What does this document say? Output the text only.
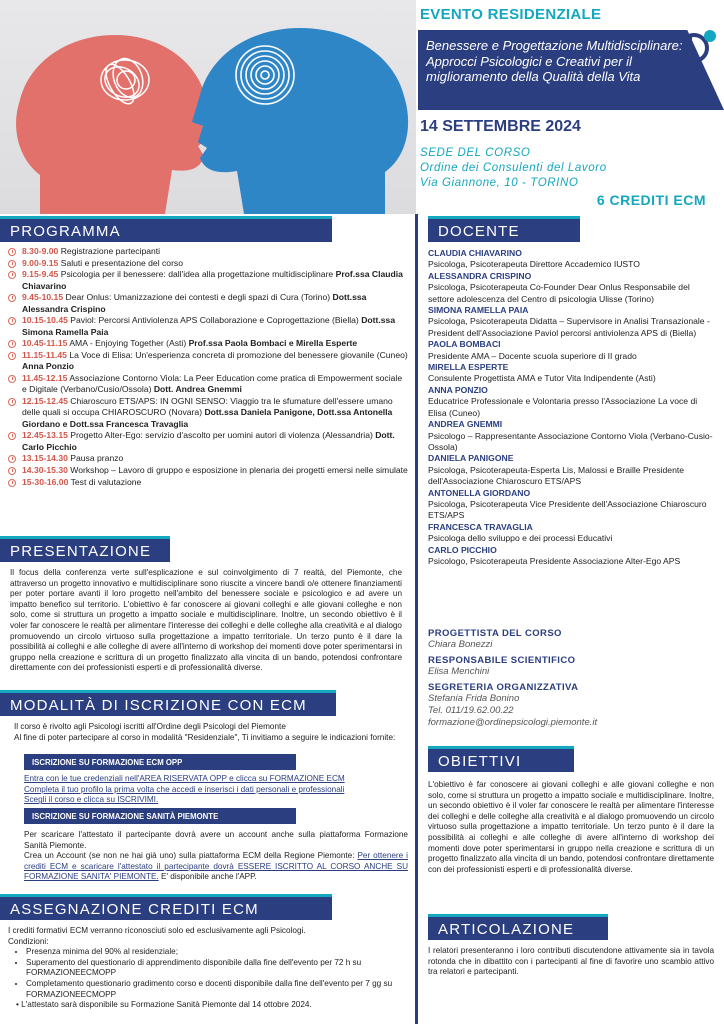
EVENTO RESIDENZIALE
Benessere e Progettazione Multidisciplinare: Approcci Psicologici e Creativi per il miglioramento della Qualità della Vita
14 SETTEMBRE 2024
SEDE DEL CORSO
Ordine dei Consulenti del Lavoro
Via Giannone, 10 - TORINO
6 CREDITI ECM
PROGRAMMA
8.30-9.00 Registrazione partecipanti
9.00-9.15 Saluti e presentazione del corso
9.15-9.45 Psicologia per il benessere: dall'idea alla progettazione multidisciplinare Prof.ssa Claudia Chiavarino
9.45-10.15 Dear Onlus: Umanizzazione dei contesti e degli spazi di Cura (Torino) Dott.ssa Alessandra Crispino
10.15-10.45 Paviol: Percorsi Antiviolenza APS Collaborazione e Coprogettazione (Biella) Dott.ssa Simona Ramella Paia
10.45-11.15 AMA - Enjoying Together (Asti) Prof.ssa Paola Bombaci e Mirella Esperte
11.15-11.45 La Voce di Elisa: Un'esperienza concreta di promozione del benessere giovanile (Cuneo) Anna Ponzio
11.45-12.15 Associazione Contorno Viola: La Peer Education come pratica di Empowerment sociale e Digitale (Verbano/Cusio/Ossola) Dott. Andrea Gnemmi
12.15-12.45 Chiaroscuro ETS/APS: IN OGNI SENSO: Viaggio tra le sfumature dell'essere umano delle quali si occupa CHIAROSCURO (Novara) Dott.ssa Daniela Panigone, Dott.ssa Antonella Giordano e Dott.ssa Francesca Travaglia
12.45-13.15 Progetto Alter-Ego: servizio d'ascolto per uomini autori di violenza (Alessandria) Dott. Carlo Picchio
13.15-14.30 Pausa pranzo
14.30-15.30 Workshop – Lavoro di gruppo e esposizione in plenaria dei progetti emersi nelle simulate
15-30-16.00 Test di valutazione
DOCENTE
CLAUDIA CHIAVARINO
Psicologa, Psicoterapeuta Direttore Accademico IUSTO
ALESSANDRA CRISPINO
Psicologa, Psicoterapeuta Co-Founder Dear Onlus Responsabile del settore adolescenza del Centro di psicologia Ulisse (Torino)
SIMONA RAMELLA PAIA
Psicologa, Psicoterapeuta Didatta – Supervisore in Analisi Transazionale - President dell'Associazione Paviol percorsi antiviolenza APS di (Biella)
PAOLA BOMBACI
Presidente AMA – Docente scuola superiore di II grado
MIRELLA ESPERTE
Consulente Progettista AMA e Tutor Vita Indipendente (Asti)
ANNA PONZIO
Educatrice Professionale e Volontaria presso l'Associazione La voce di Elisa (Cuneo)
ANDREA GNEMMI
Psicologo – Rappresentante Associazione Contorno Viola (Verbano-Cusio-Ossola)
DANIELA PANIGONE
Psicologa, Psicoterapeuta-Esperta Lis, Malossi e Braille Presidente dell'Associazione Chiaroscuro ETS/APS
ANTONELLA GIORDANO
Psicologa, Psicoterapeuta Vice Presidente dell'Associazione Chiaroscuro ETS/APS
FRANCESCA TRAVAGLIA
Psicologa dello sviluppo e dei processi Educativi
CARLO PICCHIO
Psicologo, Psicoterapeuta Presidente Associazione Alter-Ego APS
PROGETTISTA DEL CORSO
Chiara Bonezzi
RESPONSABILE SCIENTIFICO
Elisa Menchini
SEGRETERIA ORGANIZZATIVA
Stefania Frida Bonino
Tel. 011/19.62.00.22
formazione@ordinepsicologi.piemonte.it
PRESENTAZIONE
Il focus della conferenza verte sull'esplicazione e sul coinvolgimento di 7 realtà, del Piemonte, che attraverso un progetto innovativo e multidisciplinare sono riuscite a vincere bandi o/e ottenere finanziamenti per poter portare avanti il loro progetto nell'ambito del benessere sociale e psicologico e ad avere un impatto benefico sul territorio. L'obiettivo è far conoscere ai giovani colleghi e alle giovani colleghe e non solo, come si struttura un progetto a impatto sociale e multidisciplinare. Inoltre, un secondo obiettivo è il voler far conoscere le realtà per alimentare l'interesse dei colleghi e delle colleghe alla creatività e al dialogo promuovendo un circolo virtuoso sulla progettazione a impatto territoriale. Un terzo punto è il dare la possibilità ai colleghi e alle colleghe di avere all'interno di workshop dei momenti dove poter sperimentarsi in gruppo nella creazione e scrittura di un progetto finalizzato alla vincita di un bando, potendosi confrontare direttamente con dei professionisti esperti e di professionalità diverse.
MODALITÀ DI ISCRIZIONE CON ECM
Il corso è rivolto agli Psicologi iscritti all'Ordine degli Psicologi del Piemonte
Al fine di poter partecipare al corso in modalità "Residenziale", Ti invitiamo a seguire le indicazioni fornite:
ISCRIZIONE SU FORMAZIONE ECM OPP
Entra con le tue credenziali nell'AREA RISERVATA OPP e clicca su FORMAZIONE ECM
Completa il tuo profilo la prima volta che accedi e inserisci i dati personali e professionali
Scegli il corso e clicca su ISCRIVIMI.
ISCRIZIONE SU FORMAZIONE SANITÀ PIEMONTE
Per scaricare l'attestato il partecipante dovrà avere un account anche sulla piattaforma Formazione Sanità Piemonte.
Crea un Account (se non ne hai già uno) sulla piattaforma ECM della Regione Piemonte: Per ottenere i crediti ECM e scaricare l'attestato il partecipante dovrà ESSERE ISCRITTO AL CORSO ANCHE SU FORMAZIONE SANITA' PIEMONTE. E' disponibile anche l'APP.
OBIETTIVI
L'obiettivo è far conoscere ai giovani colleghi e alle giovani colleghe e non solo, come si struttura un progetto a impatto sociale e multidisciplinare. Inoltre, un secondo obiettivo è il voler far conoscere le realtà per alimentare l'interesse dei colleghi e delle colleghe alla creatività e al dialogo promuovendo un circolo virtuoso sulla progettazione a impatto territoriale. Un terzo punto è il dare la possibilità ai colleghi e alle colleghe di avere all'interno di workshop dei momenti dove poter sperimentarsi in gruppo nella creazione e scrittura di un progetto finalizzato alla vincita di un bando, potendosi confrontare direttamente con dei professionisti esperti e di professionalità diverse.
ASSEGNAZIONE CREDITI ECM
I crediti formativi ECM verranno riconosciuti solo ed esclusivamente agli Psicologi.
Condizioni:
• Presenza minima del 90% al residenziale;
• Superamento del questionario di apprendimento disponibile dalla fine dell'evento per 72 h su FORMAZIONEECMOPP
• Completamento questionario gradimento corso e docenti disponibile dalla fine dell'evento per 7 gg su FORMAZIONEECMOPP
• L'attestato sarà disponibile su Formazione Sanità Piemonte dal 14 ottobre 2024.
ARTICOLAZIONE
I relatori presenteranno i loro contributi discutendone attivamente sia in tavola rotonda che in dibattito con i partecipanti al fine di favorire uno scambio attivo tra relatori e partecipanti.
